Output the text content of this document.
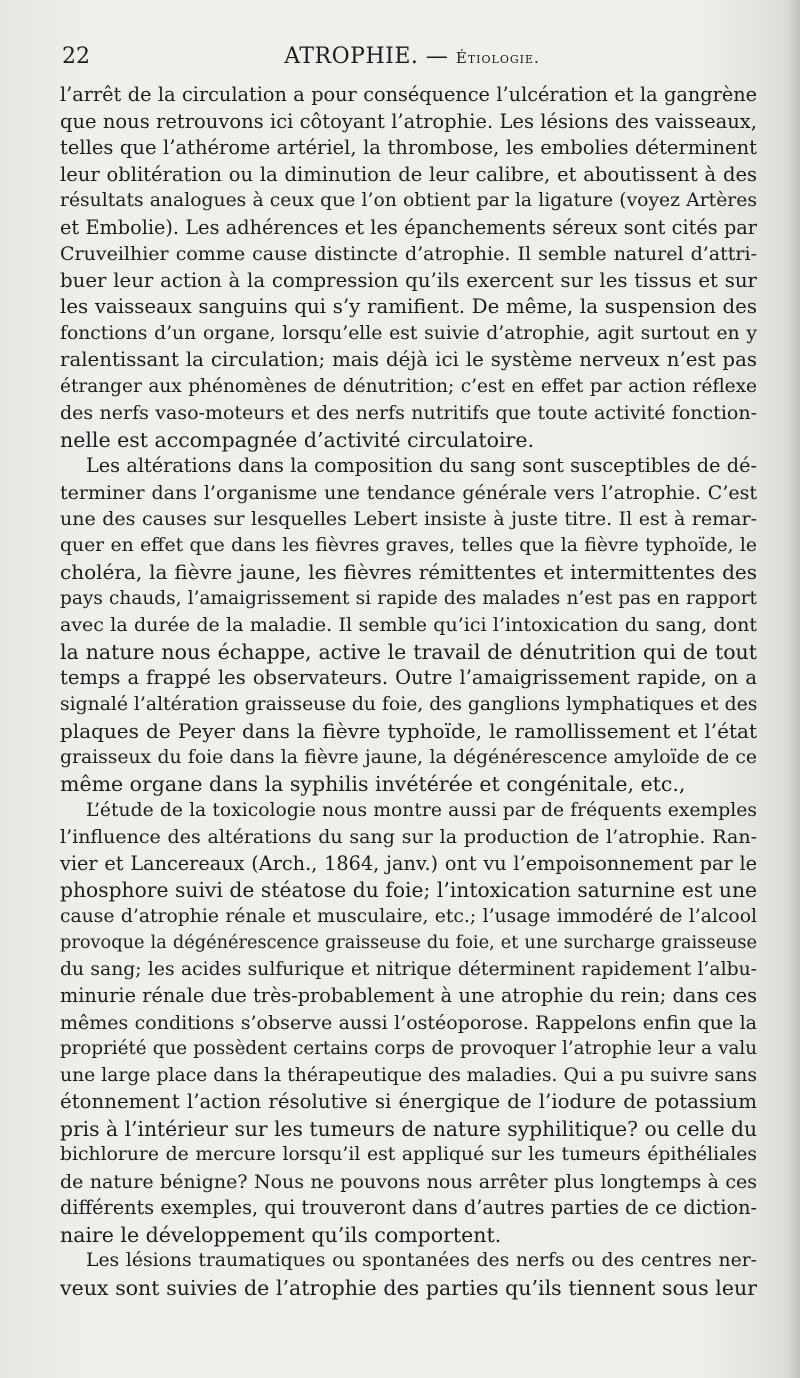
22	ATROPHIE. — Étiologie.
l’arrêt de la circulation a pour conséquence l’ulcération et la gangrène
que nous retrouvons ici côtoyant l’atrophie. Les lésions des vaisseaux,
telles que l’athérome artériel, la thrombose, les embolies déterminent
leur oblitération ou la diminution de leur calibre, et aboutissent à des
résultats analogues à ceux que l’on obtient par la ligature (voyez Artères
et Embolie). Les adhérences et les épanchements séreux sont cités par
Cruveilhier comme cause distincte d’atrophie. Il semble naturel d’attri-
buer leur action à la compression qu’ils exercent sur les tissus et sur
les vaisseaux sanguins qui s’y ramifient. De même, la suspension des
fonctions d’un organe, lorsqu’elle est suivie d’atrophie, agit surtout en y
ralentissant la circulation; mais déjà ici le système nerveux n’est pas
étranger aux phénomènes de dénutrition; c’est en effet par action réflexe
des nerfs vaso-moteurs et des nerfs nutritifs que toute activité fonction-
nelle est accompagnée d’activité circulatoire.
Les altérations dans la composition du sang sont susceptibles de dé-
terminer dans l’organisme une tendance générale vers l’atrophie. C’est
une des causes sur lesquelles Lebert insiste à juste titre. Il est à remar-
quer en effet que dans les fièvres graves, telles que la fièvre typhoïde, le
choléra, la fièvre jaune, les fièvres rémittentes et intermittentes des
pays chauds, l’amaigrissement si rapide des malades n’est pas en rapport
avec la durée de la maladie. Il semble qu’ici l’intoxication du sang, dont
la nature nous échappe, active le travail de dénutrition qui de tout
temps a frappé les observateurs. Outre l’amaigrissement rapide, on a
signalé l’altération graisseuse du foie, des ganglions lymphatiques et des
plaques de Peyer dans la fièvre typhoïde, le ramollissement et l’état
graisseux du foie dans la fièvre jaune, la dégénérescence amyloïde de ce
même organe dans la syphilis invétérée et congénitale, etc.,
L’étude de la toxicologie nous montre aussi par de fréquents exemples
l’influence des altérations du sang sur la production de l’atrophie. Ran-
vier et Lancereaux (Arch., 1864, janv.) ont vu l’empoisonnement par le
phosphore suivi de stéatose du foie; l’intoxication saturnine est une
cause d’atrophie rénale et musculaire, etc.; l’usage immodéré de l’alcool
provoque la dégénérescence graisseuse du foie, et une surcharge graisseuse
du sang; les acides sulfurique et nitrique déterminent rapidement l’albu-
minurie rénale due très-probablement à une atrophie du rein; dans ces
mêmes conditions s’observe aussi l’ostéoporose. Rappelons enfin que la
propriété que possèdent certains corps de provoquer l’atrophie leur a valu
une large place dans la thérapeutique des maladies. Qui a pu suivre sans
étonnement l’action résolutive si énergique de l’iodure de potassium
pris à l’intérieur sur les tumeurs de nature syphilitique? ou celle du
bichlorure de mercure lorsqu’il est appliqué sur les tumeurs épithéliales
de nature bénigne? Nous ne pouvons nous arrêter plus longtemps à ces
différents exemples, qui trouveront dans d’autres parties de ce diction-
naire le développement qu’ils comportent.
Les lésions traumatiques ou spontanées des nerfs ou des centres ner-
veux sont suivies de l’atrophie des parties qu’ils tiennent sous leur
